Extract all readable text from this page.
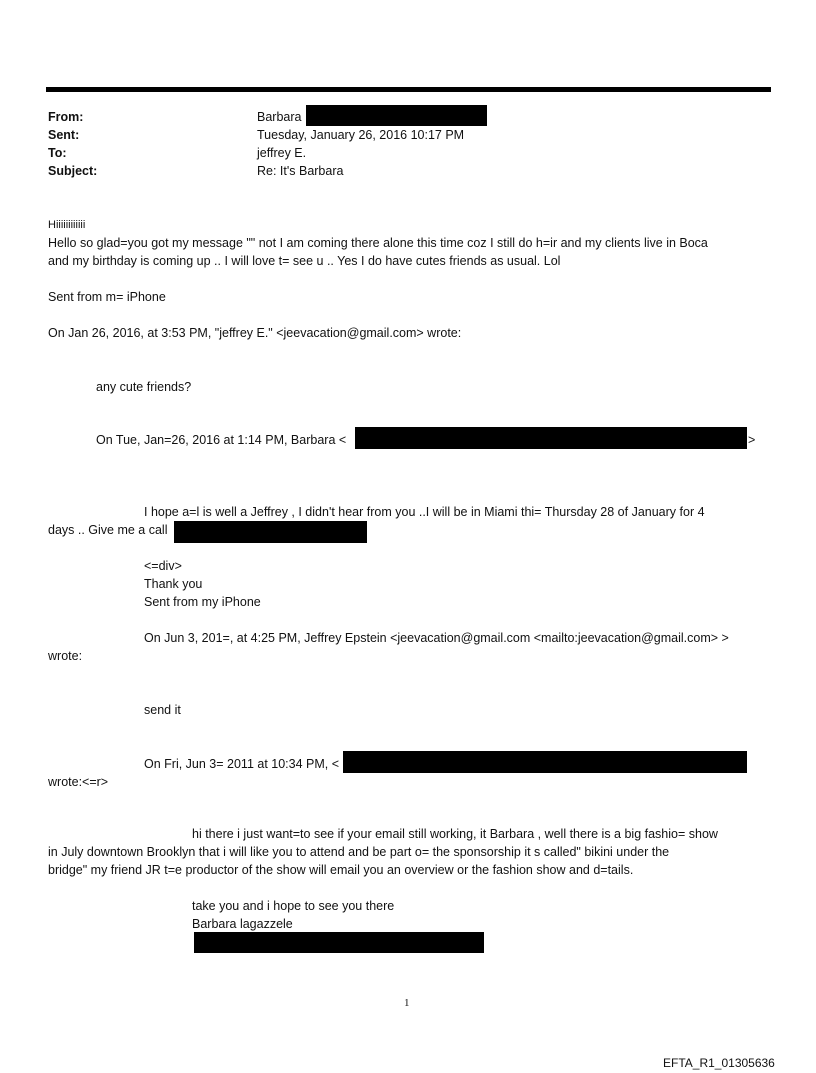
From:	Barbara
Sent:	Tuesday, January 26, 2016 10:17 PM
To:	jeffrey E.
Subject:	Re: It's Barbara
Hiiiiiiiiiiii
Hello so glad=you got my message "" not I am coming there alone this time coz I still do h=ir and my clients live in Boca
and my birthday is coming up .. I will love t= see u .. Yes I do have cutes friends as usual. Lol
Sent from m= iPhone
On Jan 26, 2016, at 3:53 PM, "jeffrey E." <jeevacation@gmail.com> wrote:
any cute friends?
On Tue, Jan=26, 2016 at 1:14 PM, Barbara <	>
I hope a=l is well a Jeffrey , I didn't hear from you ..I will be in Miami thi= Thursday 28 of January for 4
days .. Give me a call
<=div>
Thank you
Sent from my iPhone
On Jun 3, 201=, at 4:25 PM, Jeffrey Epstein <jeevacation@gmail.com <mailto:jeevacation@gmail.com> >
wrote:
send it
On Fri, Jun 3= 2011 at 10:34 PM, <
wrote:<=r>
hi there i just want=to see if your email still working, it Barbara , well there is a big fashio= show
in July downtown Brooklyn that i will like you to attend and be part o= the sponsorship it s called" bikini under the
bridge" my friend JR t=e productor of the show will email you an overview or the fashion show and d=tails.
take you and i hope to see you there
Barbara lagazzele
1
EFTA_R1_01305636
